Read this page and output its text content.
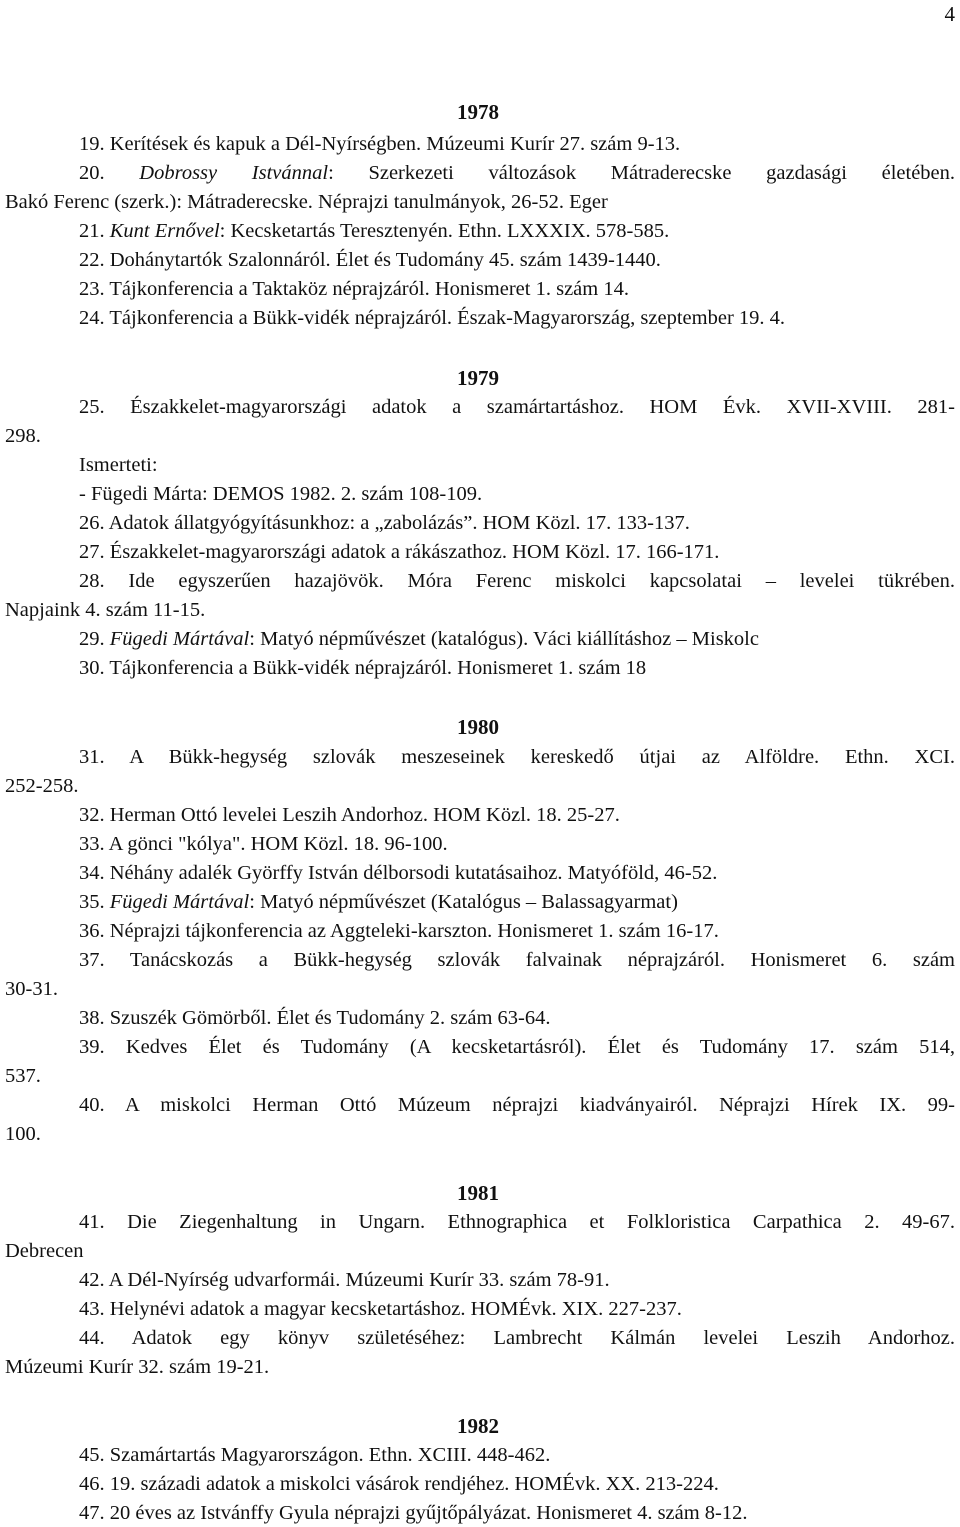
4
1978
19. Kerítések és kapuk a Dél-Nyírségben. Múzeumi Kurír 27. szám 9-13.
20. Dobrossy Istvánnal: Szerkezeti változások Mátraderecske gazdasági életében.
Bakó Ferenc (szerk.): Mátraderecske. Néprajzi tanulmányok, 26-52. Eger
21. Kunt Ernővel: Kecsketartás Teresztenyén. Ethn. LXXXIX. 578-585.
22. Dohánytartók Szalonnáról. Élet és Tudomány 45. szám 1439-1440.
23. Tájkonferencia a Taktaköz néprajzáról. Honismeret 1. szám 14.
24. Tájkonferencia a Bükk-vidék néprajzáról. Észak-Magyarország, szeptember 19. 4.
1979
25. Északkelet-magyarországi adatok a szamártartáshoz. HOM Évk. XVII-XVIII. 281-
298.
Ismerteti:
- Fügedi Márta: DEMOS 1982. 2. szám 108-109.
26. Adatok állatgyógyításunkhoz: a „zabolázás”. HOM Közl. 17. 133-137.
27. Északkelet-magyarországi adatok a rákászathoz. HOM Közl. 17. 166-171.
28. Ide egyszerűen hazajövök. Móra Ferenc miskolci kapcsolatai – levelei tükrében.
Napjaink 4. szám 11-15.
29. Fügedi Mártával: Matyó népművészet (katalógus). Váci kiállításhoz – Miskolc
30. Tájkonferencia a Bükk-vidék néprajzáról. Honismeret 1. szám 18
1980
31. A Bükk-hegység szlovák meszeseinek kereskedő útjai az Alföldre. Ethn. XCI.
252-258.
32. Herman Ottó levelei Leszih Andorhoz. HOM Közl. 18. 25-27.
33. A gönci "kólya". HOM Közl. 18. 96-100.
34. Néhány adalék Györffy István délborsodi kutatásaihoz. Matyóföld, 46-52.
35. Fügedi Mártával: Matyó népművészet (Katalógus – Balassagyarmat)
36. Néprajzi tájkonferencia az Aggteleki-karszton. Honismeret 1. szám 16-17.
37. Tanácskozás a Bükk-hegység szlovák falvainak néprajzáról. Honismeret 6. szám
30-31.
38. Szuszék Gömörből. Élet és Tudomány 2. szám 63-64.
39. Kedves Élet és Tudomány (A kecsketartásról). Élet és Tudomány 17. szám 514,
537.
40. A miskolci Herman Ottó Múzeum néprajzi kiadványairól. Néprajzi Hírek IX. 99-
100.
1981
41. Die Ziegenhaltung in Ungarn. Ethnographica et Folkloristica Carpathica 2. 49-67.
Debrecen
42. A Dél-Nyírség udvarformái. Múzeumi Kurír 33. szám 78-91.
43. Helynévi adatok a magyar kecsketartáshoz. HOMÉvk. XIX. 227-237.
44. Adatok egy könyv születéséhez: Lambrecht Kálmán levelei Leszih Andorhoz.
Múzeumi Kurír 32. szám 19-21.
1982
45. Szamártartás Magyarországon. Ethn. XCIII. 448-462.
46. 19. századi adatok a miskolci vásárok rendjéhez. HOMÉvk. XX. 213-224.
47. 20 éves az Istvánffy Gyula néprajzi gyűjtőpályázat. Honismeret 4. szám 8-12.
